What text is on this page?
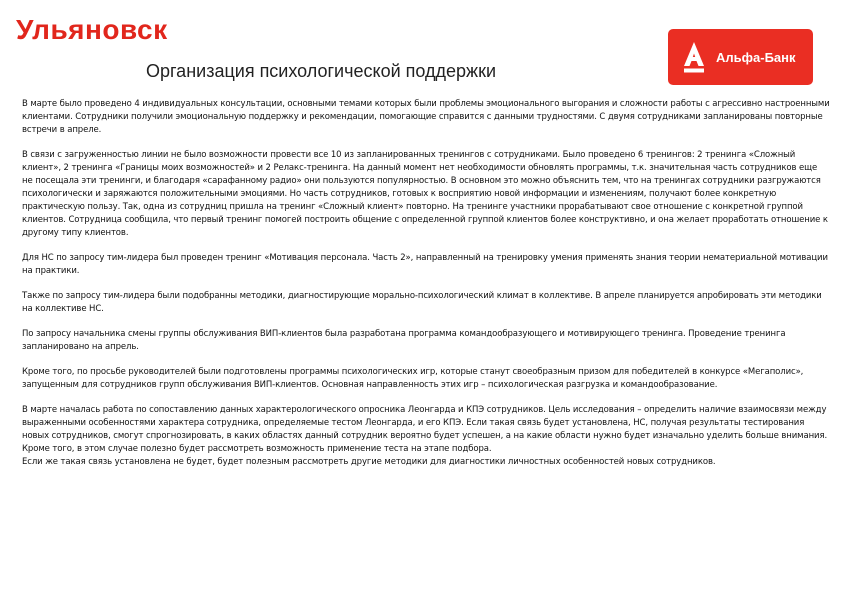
Ульяновск
Организация психологической поддержки
Альфа-Банк

В марте было проведено 4 индивидуальных консультации, основными темами которых были проблемы эмоционального выгорания и сложности работы с агрессивно настроенными клиентами. Сотрудники получили эмоциональную поддержку и рекомендации, помогающие справится с данными трудностями. С двумя сотрудниками запланированы повторные встречи в апреле.

В связи с загруженностью линии не было возможности провести все 10 из запланированных тренингов с сотрудниками. Было проведено 6 тренингов: 2 тренинга «Сложный клиент», 2 тренинга «Границы моих возможностей» и 2 Релакс-тренинга. На данный момент нет необходимости обновлять программы, т.к. значительная часть сотрудников еще не посещала эти тренинги, и благодаря «сарафанному радио» они пользуются популярностью. В основном это можно объяснить тем, что на тренингах сотрудники разгружаются психологически и заряжаются положительными эмоциями. Но часть сотрудников, готовых к восприятию новой информации и изменениям, получают более конкретную практическую пользу. Так, одна из сотрудниц пришла на тренинг «Сложный клиент» повторно. На тренинге участники прорабатывают свое отношение с конкретной группой клиентов. Сотрудница сообщила, что первый тренинг помогей построить общение с определенной группой клиентов более конструктивно, и она желает проработать отношение к другому типу клиентов.

Для НС по запросу тим-лидера был проведен тренинг «Мотивация персонала. Часть 2», направленный на тренировку умения применять знания теории нематериальной мотивации на практики.

Также по запросу тим-лидера были подобранны методики, диагностирующие морально-психологический климат в коллективе. В апреле планируется апробировать эти методики на коллективе НС.

По запросу начальника смены группы обслуживания ВИП-клиентов была разработана программа командообразующего и мотивирующего тренинга. Проведение тренинга запланировано на апрель.

Кроме того, по просьбе руководителей были подготовлены программы психологических игр, которые станут своеобразным призом для победителей в конкурсе «Мегаполис», запущенным для сотрудников групп обслуживания ВИП-клиентов. Основная направленность этих игр – психологическая разгрузка и командообразование.

В марте началась работа по сопоставлению данных характерологического опросника Леонгарда и КПЭ сотрудников. Цель исследования – определить наличие взаимосвязи между выраженными особенностями характера сотрудника, определяемые тестом Леонгарда, и его КПЭ. Если такая связь будет установлена, НС, получая результаты тестирования новых сотрудников, смогут спрогнозировать, в каких областях данный сотрудник вероятно будет успешен, а на какие области нужно будет изначально уделить больше внимания. Кроме того, в этом случае полезно будет рассмотреть возможность применение теста на этапе подбора.

Если же такая связь установлена не будет, будет полезным рассмотреть другие методики для диагностики личностных особенностей новых сотрудников.
